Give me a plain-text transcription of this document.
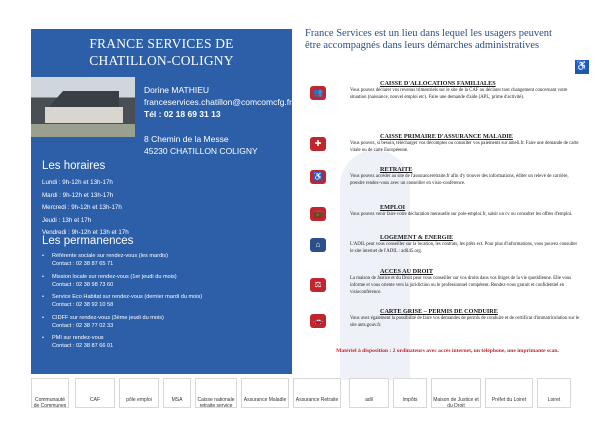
FRANCE SERVICES DE
CHATILLON-COLIGNY
Dorine MATHIEU
franceservices.chatillon@comcomcfg.fr
Tél : 02 18 69 31 13
8 Chemin de la Messe
45230 CHATILLON COLIGNY
Les horaires
Lundi : 9h-12h et 13h-17h
Mardi : 9h-12h et 13h-17h
Mercredi : 9h-12h et 13h-17h
Jeudi : 13h et 17h
Vendredi : 9h-12h et 13h et 17h
Les permanences
• Référente sociale sur rendez-vous (les mardis)
Contact : 02 38 87 65 71
• Mission locale sur rendez-vous (1er jeudi du mois)
Contact : 02 38 98 73 60
• Service Eco Habitat sur rendez-vous (dernier mardi du mois)
Contact : 02 38 92 10 58
• CIDFF sur rendez-vous (3ème jeudi du mois)
Contact : 02 38 77 02 33
• PMI sur rendez-vous
Contact : 02 38 87 66 01
France Services est un lieu dans lequel les usagers peuvent être accompagnés dans leurs démarches administratives
♿
👥
CAISSE D'ALLOCATIONS FAMILIALES
Vous pouvez déclarer vos revenus trimestriels sur le site de la CAF ou déclarer tout changement concernant votre situation (naissance, nouvel emploi etc). Faire une demande d'aide (APL, prime d'activité).
✚
CAISSE PRIMAIRE D'ASSURANCE MALADIE
Vous pouvez, si besoin, télécharger vos décomptes ou consulter vos paiements sur ameli.fr. Faire une demande de carte vitale ou de carte Européenne.
♿
RETRAITE
Vous pouvez accéder au site de l'assuranceretraite.fr afin d'y trouver des informations, éditer un relevé de carrière, prendre rendez-vous avec un conseiller en visio-conférence.
💼
EMPLOI
Vous pouvez venir faire votre déclaration mensuelle sur pole-emploi.fr, saisir un cv ou consulter les offres d'emploi.
⌂
LOGEMENT & ENERGIE
L'ADIL peut vous conseiller sur la location, les contrats, les prêts ect. Pour plus d'informations, vous pouvez consulter le site internet de l'ADIL : adil45.org.
⚖
ACCES AU DROIT
La maison de Justice et du Droit peut vous conseiller sur vos droits dans vos litiges de la vie quotidienne. Elle vous informe et vous oriente vers la juridiction ou le professionnel compétent. Rendez-vous gratuit et confidentiel en visioconférence.
🚗
CARTE GRISE – PERMIS DE CONDUIRE
Vous avez également la possibilité de faire vos demandes de permis de conduire et de certificat d'immatriculation sur le site ants.gouv.fr.
Matériel à disposition : 2 ordinateurs avec accès internet, un téléphone, une imprimante scan.
Communauté de Communes
CAF	pôle emploi	MSA	Caisse nationale retraite service
Assurance Maladie	Assurance Retraite	adil	Impôts	Maison de Justice et du Droit
Préfet du Loiret	Loiret
